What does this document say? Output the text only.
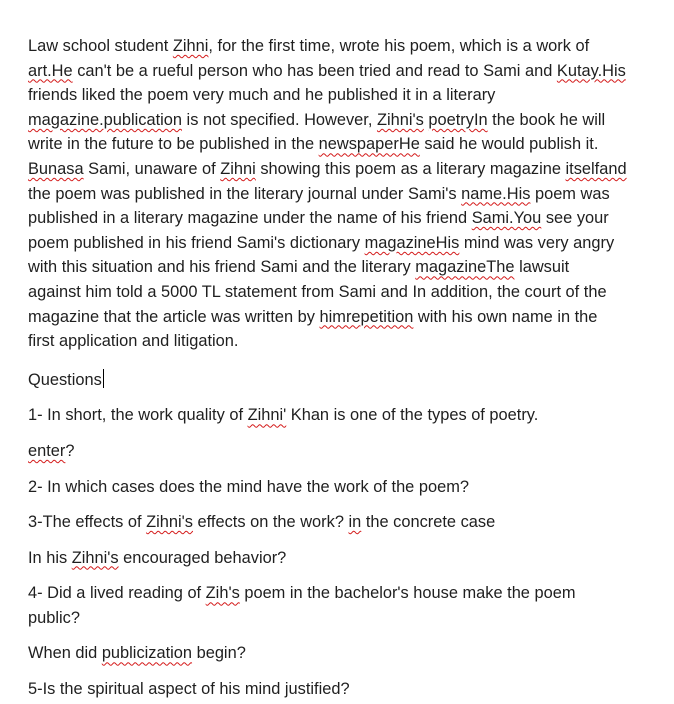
Law school student Zihni, for the first time, wrote his poem, which is a work of
art.He can't be a rueful person who has been tried and read to Sami and Kutay.His
friends liked the poem very much and he published it in a literary
magazine.publication is not specified. However, Zihni's poetryIn the book he will
write in the future to be published in the newspaperHe said he would publish it.
Bunasa Sami, unaware of Zihni showing this poem as a literary magazine itselfand
the poem was published in the literary journal under Sami's name.His poem was
published in a literary magazine under the name of his friend Sami.You see your
poem published in his friend Sami's dictionary magazineHis mind was very angry
with this situation and his friend Sami and the literary magazineThe lawsuit
against him told a 5000 TL statement from Sami and In addition, the court of the
magazine that the article was written by himrepetition with his own name in the
first application and litigation.

Questions

1- In short, the work quality of Zihni' Khan is one of the types of poetry.

enter?

2- In which cases does the mind have the work of the poem?

3-The effects of Zihni's effects on the work? in the concrete case

In his Zihni's encouraged behavior?

4- Did a lived reading of Zih's poem in the bachelor's house make the poem
public?

When did publicization begin?

5-Is the spiritual aspect of his mind justified?
